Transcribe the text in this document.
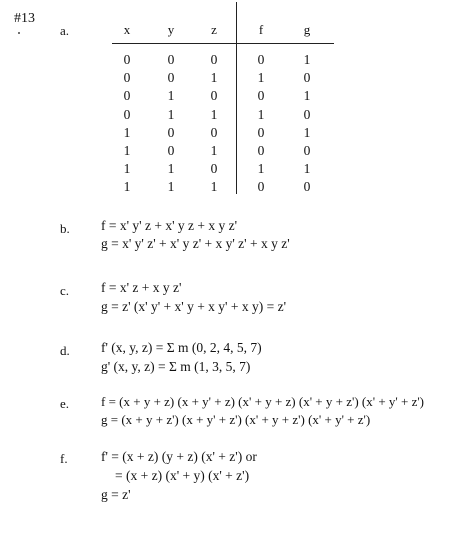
#13
a.	x	y	z	f	g
0	0	0	0	1
0	0	1	1	0
0	1	0	0	1
0	1	1	1	0
1	0	0	0	1
1	0	1	0	0
1	1	0	1	1
1	1	1	0	0
b. f = x' y' z + x' y z + x y z'
g = x' y' z' + x' y z' + x y' z' + x y z'
c. f = x' z + x y z'
g = z' (x' y' + x' y + x y' + x y) = z'
d. f' (x, y, z) = Σ m (0, 2, 4, 5, 7)
g' (x, y, z) = Σ m (1, 3, 5, 7)
e. f = (x + y + z) (x + y' + z) (x' + y + z) (x' + y + z') (x' + y' + z')
g = (x + y + z') (x + y' + z') (x' + y + z') (x' + y' + z')
f. f' = (x + z) (y + z) (x' + z') or
= (x + z) (x' + y) (x' + z')
g = z'
